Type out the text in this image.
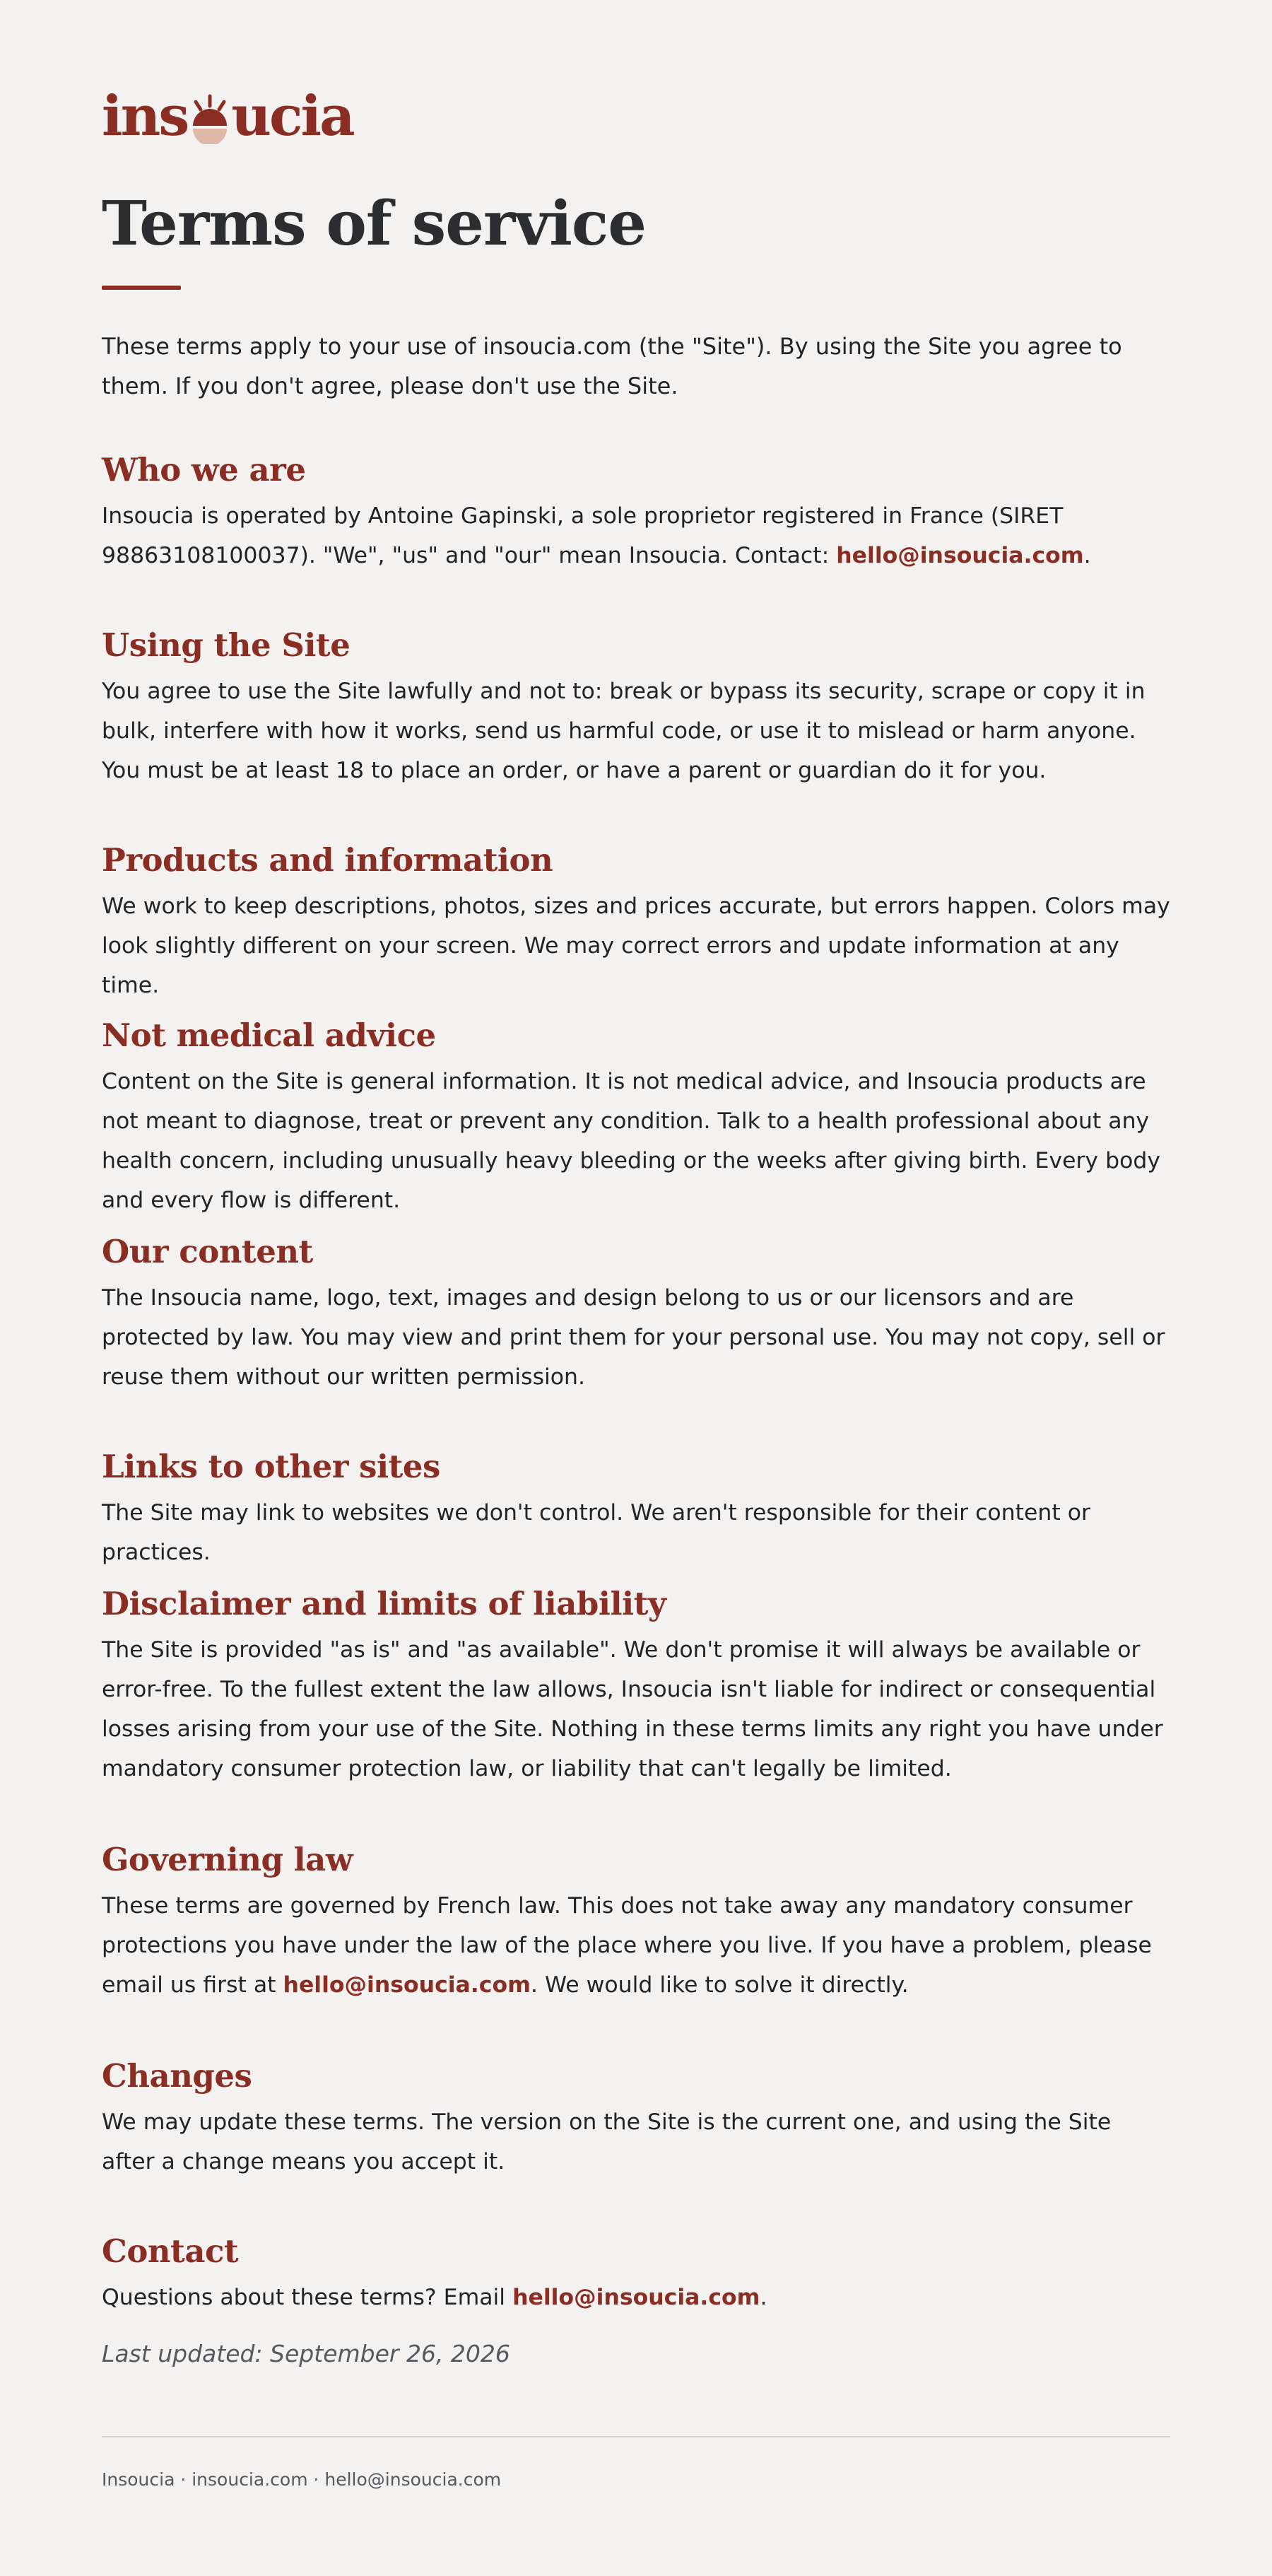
ins ucia
Terms of service

These terms apply to your use of insoucia.com (the "Site"). By using the Site you agree to them. If you don't agree, please don't use the Site.

Who we are

Insoucia is operated by Antoine Gapinski, a sole proprietor registered in France (SIRET 98863108100037). "We", "us" and "our" mean Insoucia. Contact: hello@insoucia.com.

Using the Site

You agree to use the Site lawfully and not to: break or bypass its security, scrape or copy it in bulk, interfere with how it works, send us harmful code, or use it to mislead or harm anyone. You must be at least 18 to place an order, or have a parent or guardian do it for you.

Products and information

We work to keep descriptions, photos, sizes and prices accurate, but errors happen. Colors may look slightly different on your screen. We may correct errors and update information at any time.

Not medical advice

Content on the Site is general information. It is not medical advice, and Insoucia products are not meant to diagnose, treat or prevent any condition. Talk to a health professional about any health concern, including unusually heavy bleeding or the weeks after giving birth. Every body and every flow is different.

Our content

The Insoucia name, logo, text, images and design belong to us or our licensors and are protected by law. You may view and print them for your personal use. You may not copy, sell or reuse them without our written permission.

Links to other sites

The Site may link to websites we don't control. We aren't responsible for their content or practices.

Disclaimer and limits of liability

The Site is provided "as is" and "as available". We don't promise it will always be available or error-free. To the fullest extent the law allows, Insoucia isn't liable for indirect or consequential losses arising from your use of the Site. Nothing in these terms limits any right you have under mandatory consumer protection law, or liability that can't legally be limited.

Governing law

These terms are governed by French law. This does not take away any mandatory consumer protections you have under the law of the place where you live. If you have a problem, please email us first at hello@insoucia.com. We would like to solve it directly.

Changes

We may update these terms. The version on the Site is the current one, and using the Site after a change means you accept it.

Contact

Questions about these terms? Email hello@insoucia.com.

Last updated: September 26, 2026

Insoucia · insoucia.com · hello@insoucia.com
